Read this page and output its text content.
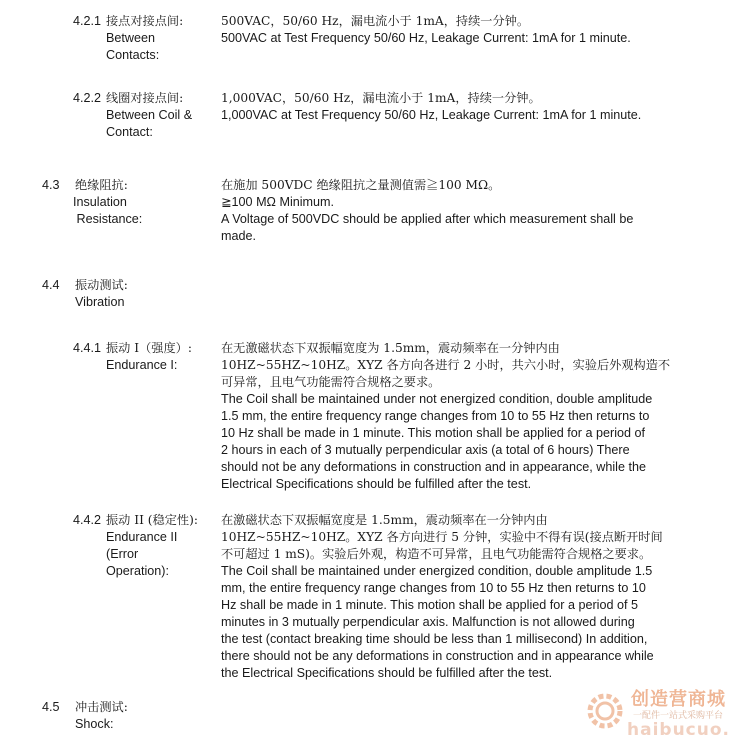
4.2.1 接点对接点间:
Between
Contacts:

500VAC，50/60 Hz，漏电流小于 1mA，持续一分钟。

500VAC at Test Frequency 50/60 Hz, Leakage Current: 1mA for 1 minute.

4.2.2 线圈对接点间:
Between Coil &
Contact:

1,000VAC，50/60 Hz，漏电流小于 1mA，持续一分钟。

1,000VAC at Test Frequency 50/60 Hz, Leakage Current: 1mA for 1 minute.

4.3 绝缘阻抗:
Insulation
Resistance:

在施加 500VDC 绝缘阻抗之量测值需≧100 MΩ。

≧100 MΩ Minimum.

A Voltage of 500VDC should be applied after which measurement shall be
made.

4.4 振动测试:
Vibration
4.4.1 振动 I（强度）:
Endurance I:

在无激磁状态下双振幅宽度为 1.5mm，震动频率在一分钟内由
10HZ~55HZ~10HZ。XYZ 各方向各进行 2 小时，共六小时，实验后外观构造不
可异常，且电气功能需符合规格之要求。

The Coil shall be maintained under not energized condition, double amplitude
1.5 mm, the entire frequency range changes from 10 to 55 Hz then returns to
10 Hz shall be made in 1 minute. This motion shall be applied for a period of
2 hours in each of 3 mutually perpendicular axis (a total of 6 hours) There
should not be any deformations in construction and in appearance, while the
Electrical Specifications should be fulfilled after the test.

4.4.2 振动 II (稳定性):
Endurance II
(Error
Operation):

在激磁状态下双振幅宽度是 1.5mm，震动频率在一分钟内由
10HZ~55HZ~10HZ。XYZ 各方向进行 5 分钟，实验中不得有误(接点断开时间
不可超过 1 mS)。实验后外观，构造不可异常，且电气功能需符合规格之要求。

The Coil shall be maintained under energized condition, double amplitude 1.5
mm, the entire frequency range changes from 10 to 55 Hz then returns to 10
Hz shall be made in 1 minute. This motion shall be applied for a period of 5
minutes in 3 mutually perpendicular axis. Malfunction is not allowed during
the test (contact breaking time should be less than 1 millisecond) In addition,
there should not be any deformations in construction and in appearance while
the Electrical Specifications should be fulfilled after the test.

4.5 冲击测试:
Shock:
创造营商城
一配件一站式采购平台
haibucuo.
